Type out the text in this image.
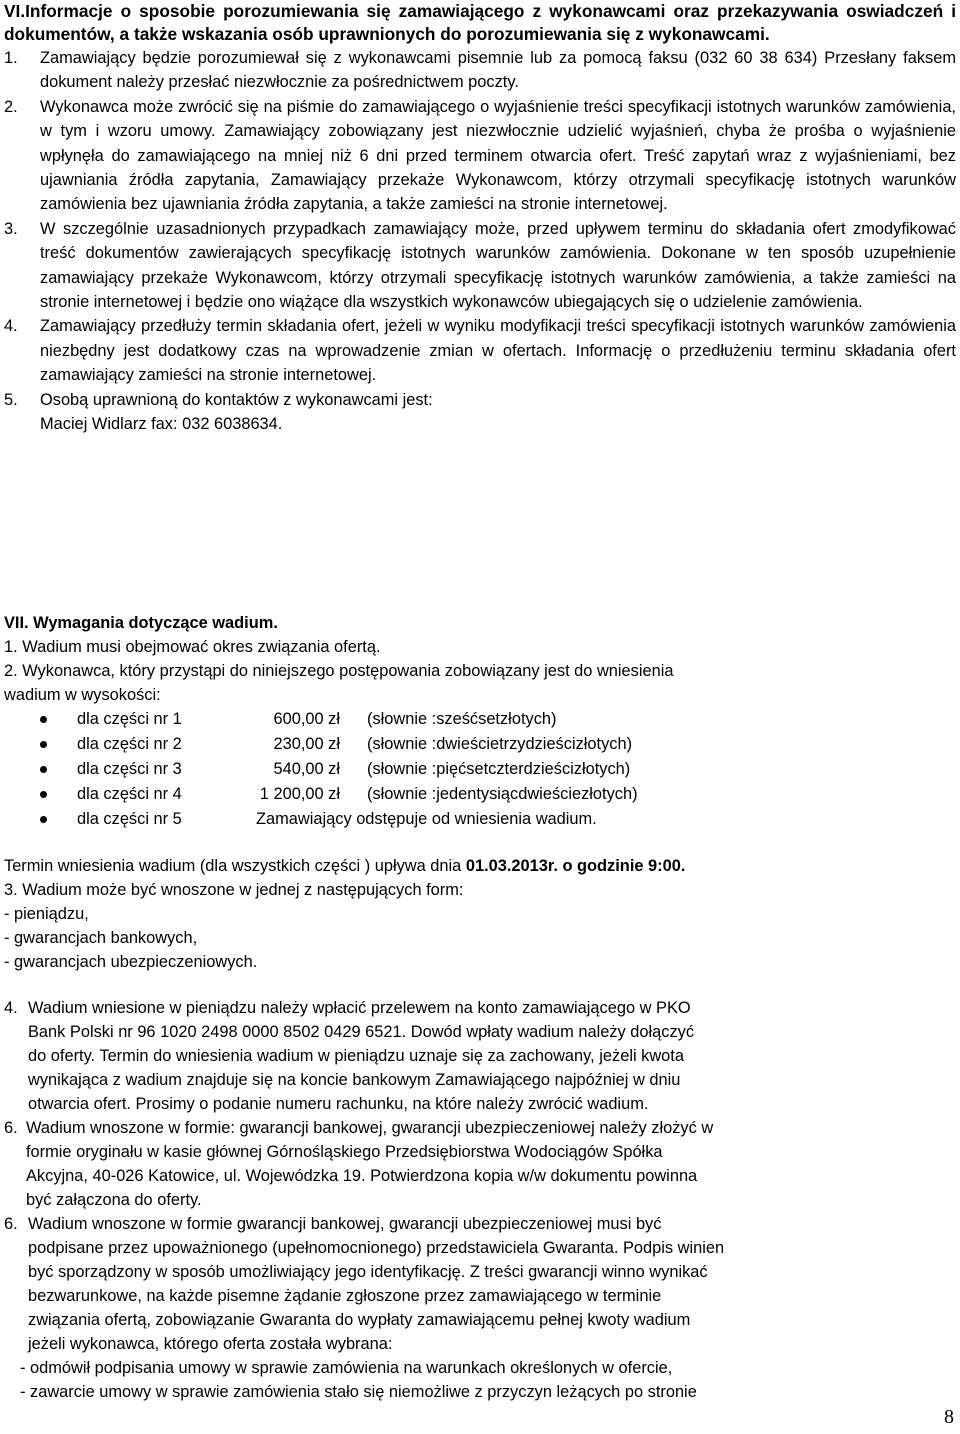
VI.Informacje o sposobie porozumiewania się zamawiającego z wykonawcami oraz przekazywania oswiadczeń i dokumentów, a także wskazania osób uprawnionych do porozumiewania się z wykonawcami.

1. Zamawiający będzie porozumiewał się z wykonawcami pisemnie lub za pomocą faksu (032 60 38 634) Przesłany faksem dokument należy przesłać niezwłocznie za pośrednictwem poczty.
2. Wykonawca może zwrócić się na piśmie do zamawiającego o wyjaśnienie treści specyfikacji istotnych warunków zamówienia, w tym i wzoru umowy. Zamawiający zobowiązany jest niezwłocznie udzielić wyjaśnień, chyba że prośba o wyjaśnienie wpłynęła do zamawiającego na mniej niż 6 dni przed terminem otwarcia ofert. Treść zapytań wraz z wyjaśnieniami, bez ujawniania źródła zapytania, Zamawiający przekaże Wykonawcom, którzy otrzymali specyfikację istotnych warunków zamówienia bez ujawniania źródła zapytania, a także zamieści na stronie internetowej.
3. W szczególnie uzasadnionych przypadkach zamawiający może, przed upływem terminu do składania ofert zmodyfikować treść dokumentów zawierających specyfikację istotnych warunków zamówienia. Dokonane w ten sposób uzupełnienie zamawiający przekaże Wykonawcom, którzy otrzymali specyfikację istotnych warunków zamówienia, a także zamieści na stronie internetowej i będzie ono wiążące dla wszystkich wykonawców ubiegających się o udzielenie zamówienia.
4. Zamawiający przedłuży termin składania ofert, jeżeli w wyniku modyfikacji treści specyfikacji istotnych warunków zamówienia niezbędny jest dodatkowy czas na wprowadzenie zmian w ofertach. Informację o przedłużeniu terminu składania ofert zamawiający zamieści na stronie internetowej.
5. Osobą uprawnioną do kontaktów z wykonawcami jest:
Maciej Widlarz fax: 032 6038634.

VII. Wymagania dotyczące wadium.

1. Wadium musi obejmować okres związania ofertą.

2. Wykonawca, który przystąpi do niniejszego postępowania zobowiązany jest do wniesienia

wadium w wysokości:

dla części nr 1	600,00 zł (słownie :sześćsetzłotych)
dla części nr 2	230,00 zł (słownie :dwieścietrzydzieścizłotych)
dla części nr 3	540,00 zł (słownie :pięćsetczterdzieścizłotych)
dla części nr 4	1 200,00 zł (słownie :jedentysiącdwieściezłotych)
dla części nr 5	Zamawiający odstępuje od wniesienia wadium.

Termin wniesienia wadium (dla wszystkich części ) upływa dnia 01.03.2013r. o godzinie 9:00.

3. Wadium może być wnoszone w jednej z następujących form:

- pieniądzu,

- gwarancjach bankowych,

- gwarancjach ubezpieczeniowych.

4. Wadium wniesione w pieniądzu należy wpłacić przelewem na konto zamawiającego w PKO

Bank Polski nr 96 1020 2498 0000 8502 0429 6521. Dowód wpłaty wadium należy dołączyć

do oferty. Termin do wniesienia wadium w pieniądzu uznaje się za zachowany, jeżeli kwota

wynikająca z wadium znajduje się na koncie bankowym Zamawiającego najpóźniej w dniu

otwarcia ofert. Prosimy o podanie numeru rachunku, na które należy zwrócić wadium.

6. Wadium wnoszone w formie: gwarancji bankowej, gwarancji ubezpieczeniowej należy złożyć w

formie oryginału w kasie głównej Górnośląskiego Przedsiębiorstwa Wodociągów Spółka

Akcyjna, 40-026 Katowice, ul. Wojewódzka 19. Potwierdzona kopia w/w dokumentu powinna

być załączona do oferty.

6. Wadium wnoszone w formie gwarancji bankowej, gwarancji ubezpieczeniowej musi być

podpisane przez upoważnionego (upełnomocnionego) przedstawiciela Gwaranta. Podpis winien

być sporządzony w sposób umożliwiający jego identyfikację. Z treści gwarancji winno wynikać

bezwarunkowe, na każde pisemne żądanie zgłoszone przez zamawiającego w terminie

związania ofertą, zobowiązanie Gwaranta do wypłaty zamawiającemu pełnej kwoty wadium

jeżeli wykonawca, którego oferta została wybrana:

- odmówił podpisania umowy w sprawie zamówienia na warunkach określonych w ofercie,

- zawarcie umowy w sprawie zamówienia stało się niemożliwe z przyczyn leżących po stronie

8
